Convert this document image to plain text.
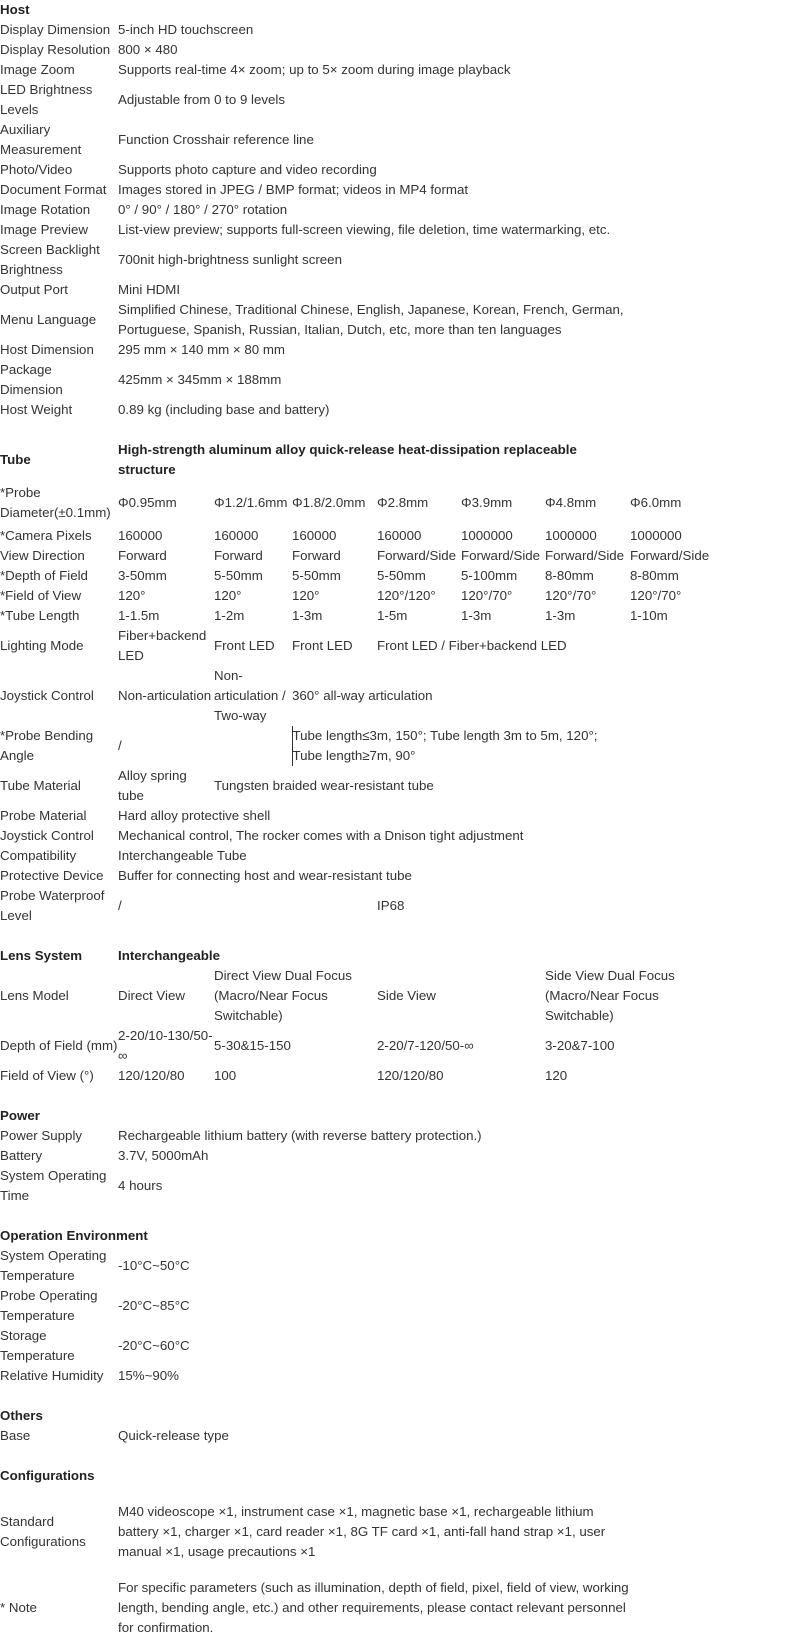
Host							
Display Dimension	5-inch HD touchscreen						
Display Resolution	800 × 480						
Image Zoom	Supports real-time 4× zoom; up to 5× zoom during image playback						
LED Brightness Levels	Adjustable from 0 to 9 levels						
Auxiliary Measurement	Function Crosshair reference line						
Photo/Video	Supports photo capture and video recording						
Document Format	Images stored in JPEG / BMP format; videos in MP4 format						
Image Rotation	0° / 90° / 180° / 270° rotation						
Image Preview	List-view preview; supports full-screen viewing, file deletion, time watermarking, etc.						
Screen Backlight Brightness	700nit high-brightness sunlight screen						
Output Port	Mini HDMI						
Menu Language	Simplified Chinese, Traditional Chinese, English, Japanese, Korean, French, German, Portuguese, Spanish, Russian, Italian, Dutch, etc, more than ten languages						
Host Dimension	295 mm × 140 mm × 80 mm						
Package Dimension	425mm × 345mm × 188mm						
Host Weight	0.89 kg (including base and battery)						

Tube	High-strength aluminum alloy quick-release heat-dissipation replaceable structure						
*Probe Diameter(±0.1mm)	Φ0.95mm	Φ1.2/1.6mm	Φ1.8/2.0mm	Φ2.8mm	Φ3.9mm	Φ4.8mm	Φ6.0mm
*Camera Pixels	160000	160000	160000	160000	1000000	1000000	1000000
View Direction	Forward	Forward	Forward	Forward/Side	Forward/Side	Forward/Side	Forward/Side
*Depth of Field	3-50mm	5-50mm	5-50mm	5-50mm	5-100mm	8-80mm	8-80mm
*Field of View	120°	120°	120°	120°/120°	120°/70°	120°/70°	120°/70°
*Tube Length	1-1.5m	1-2m	1-3m	1-5m	1-3m	1-3m	1-10m
Lighting Mode	Fiber+backend LED	Front LED	Front LED	Front LED / Fiber+backend LED			
Joystick Control	Non-articulation	Non-articulation / Two-way	360° all-way articulation				
*Probe Bending Angle	/		Tube length≤3m, 150°; Tube length 3m to 5m, 120°; Tube length≥7m, 90°				
Tube Material	Alloy spring tube	Tungsten braided wear-resistant tube					
Probe Material	Hard alloy protective shell						
Joystick Control	Mechanical control, The rocker comes with a Dnison tight adjustment						
Compatibility	Interchangeable Tube						
Protective Device	Buffer for connecting host and wear-resistant tube						
Probe Waterproof Level	/			IP68			

Lens System	Interchangeable						
Lens Model	Direct View	Direct View Dual Focus (Macro/Near Focus Switchable)		Side View		Side View Dual Focus (Macro/Near Focus Switchable)	
Depth of Field (mm)	2-20/10-130/50-∞	5-30&15-150		2-20/7-120/50-∞		3-20&7-100	
Field of View (°)	120/120/80	100		120/120/80		120	

Power							
Power Supply	Rechargeable lithium battery (with reverse battery protection.)						
Battery	3.7V, 5000mAh						
System Operating Time	4 hours						

Operation Environment							
System Operating Temperature	-10°C~50°C						
Probe Operating Temperature	-20°C~85°C						
Storage Temperature	-20°C~60°C						
Relative Humidity	15%~90%						

Others							
Base	Quick-release type						

Configurations							
Standard Configurations	M40 videoscope ×1, instrument case ×1, magnetic base ×1, rechargeable lithium battery ×1, charger ×1, card reader ×1, 8G TF card ×1, anti-fall hand strap ×1, user manual ×1, usage precautions ×1						
* Note	For specific parameters (such as illumination, depth of field, pixel, field of view, working length, bending angle, etc.) and other requirements, please contact relevant personnel for confirmation.						
